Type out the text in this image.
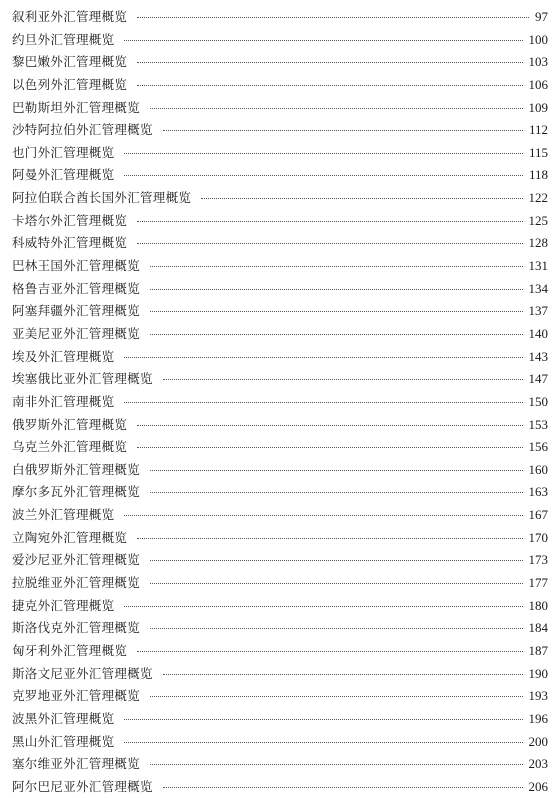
叙利亚外汇管理概览	97
约旦外汇管理概览	100
黎巴嫩外汇管理概览	103
以色列外汇管理概览	106
巴勒斯坦外汇管理概览	109
沙特阿拉伯外汇管理概览	112
也门外汇管理概览	115
阿曼外汇管理概览	118
阿拉伯联合酋长国外汇管理概览	122
卡塔尔外汇管理概览	125
科威特外汇管理概览	128
巴林王国外汇管理概览	131
格鲁吉亚外汇管理概览	134
阿塞拜疆外汇管理概览	137
亚美尼亚外汇管理概览	140
埃及外汇管理概览	143
埃塞俄比亚外汇管理概览	147
南非外汇管理概览	150
俄罗斯外汇管理概览	153
乌克兰外汇管理概览	156
白俄罗斯外汇管理概览	160
摩尔多瓦外汇管理概览	163
波兰外汇管理概览	167
立陶宛外汇管理概览	170
爱沙尼亚外汇管理概览	173
拉脱维亚外汇管理概览	177
捷克外汇管理概览	180
斯洛伐克外汇管理概览	184
匈牙利外汇管理概览	187
斯洛文尼亚外汇管理概览	190
克罗地亚外汇管理概览	193
波黑外汇管理概览	196
黑山外汇管理概览	200
塞尔维亚外汇管理概览	203
阿尔巴尼亚外汇管理概览	206
